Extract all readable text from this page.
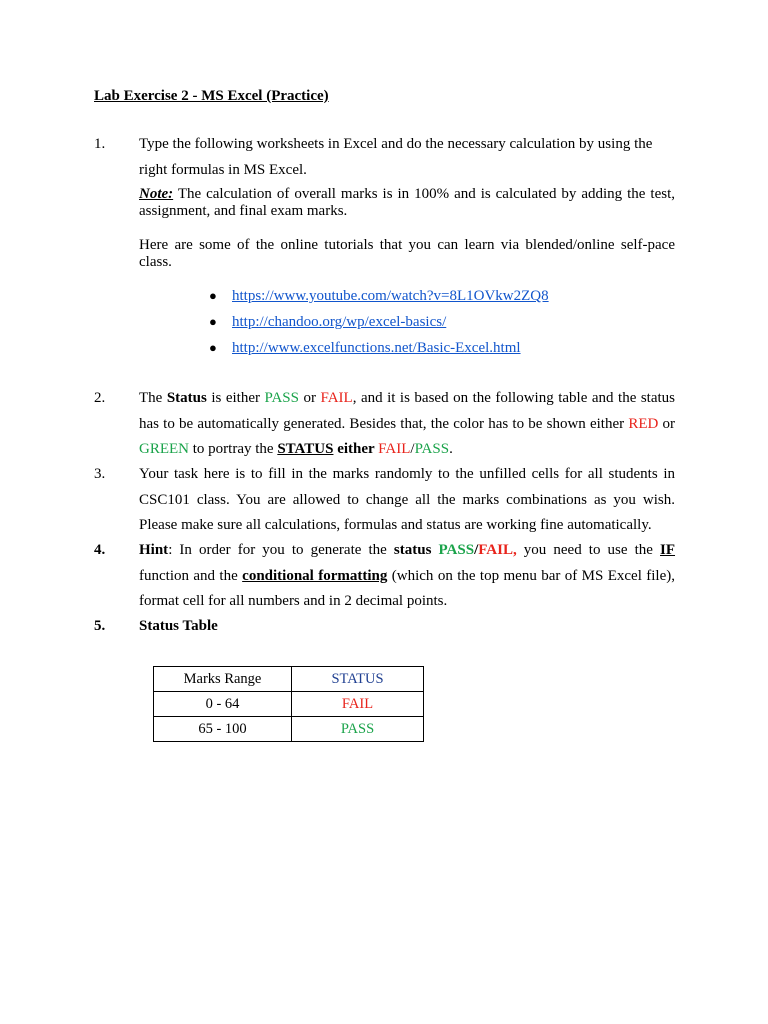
Lab Exercise 2 - MS Excel (Practice)
1.	Type the following worksheets in Excel and do the necessary calculation by using the
right formulas in MS Excel.
Note: The calculation of overall marks is in 100% and is calculated by adding the test, assignment, and final exam marks.
Here are some of the online tutorials that you can learn via blended/online self-pace class.
● https://www.youtube.com/watch?v=8L1OVkw2ZQ8
● http://chandoo.org/wp/excel-basics/
● http://www.excelfunctions.net/Basic-Excel.html
2.	The Status is either PASS or FAIL, and it is based on the following table and the status has to be automatically generated. Besides that, the color has to be shown either RED or GREEN to portray the STATUS either FAIL/PASS.
3.	Your task here is to fill in the marks randomly to the unfilled cells for all students in CSC101 class. You are allowed to change all the marks combinations as you wish. Please make sure all calculations, formulas and status are working fine automatically.
4.	Hint: In order for you to generate the status PASS/FAIL, you need to use the IF function and the conditional formatting (which on the top menu bar of MS Excel file), format cell for all numbers and in 2 decimal points.
5.	Status Table
Marks Range	STATUS
0 - 64	FAIL
65 - 100	PASS
